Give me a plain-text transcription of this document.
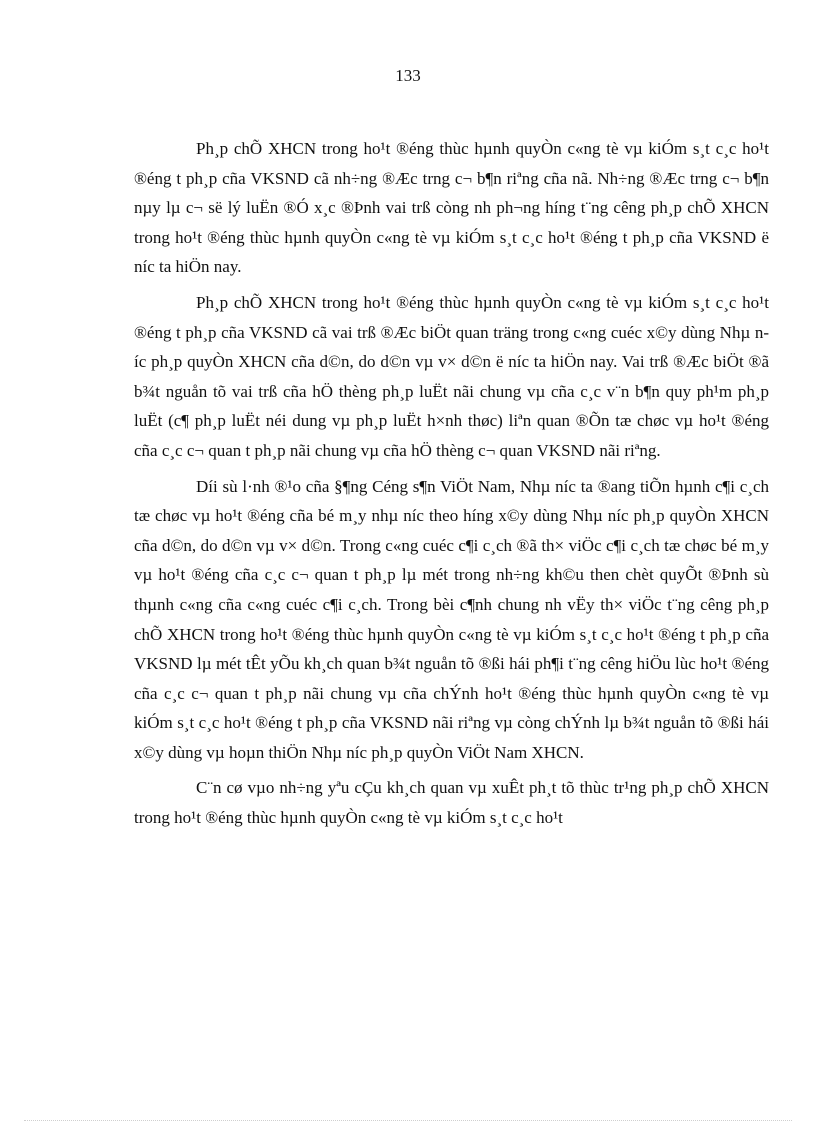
133

Ph¸p chÕ XHCN trong ho¹t ®éng thùc hµnh quyÒn c«ng tè vµ kiÓm s¸t c¸c ho¹t ®éng t ph¸p cña VKSND cã nh÷ng ®Æc trng c¬ b¶n riªng cña nã. Nh÷ng ®Æc trng c¬ b¶n nµy lµ c¬ së lý luËn ®Ó x¸c ®Þnh vai trß còng nh ph¬ng híng t¨ng cêng ph¸p chÕ XHCN trong ho¹t ®éng thùc hµnh quyÒn c«ng tè vµ kiÓm s¸t c¸c ho¹t ®éng t ph¸p cña VKSND ë níc ta hiÖn nay.

Ph¸p chÕ XHCN trong ho¹t ®éng thùc hµnh quyÒn c«ng tè vµ kiÓm s¸t c¸c ho¹t ®éng t ph¸p cña VKSND cã vai trß ®Æc biÖt quan träng trong c«ng cuéc x©y dùng Nhµ níc ph¸p quyÒn XHCN cña d©n, do d©n vµ v× d©n ë níc ta hiÖn nay. Vai trß ®Æc biÖt ®ã b¾t nguån tõ vai trß cña hÖ thèng ph¸p luËt nãi chung vµ cña c¸c v¨n b¶n quy ph¹m ph¸p luËt (c¶ ph¸p luËt néi dung vµ ph¸p luËt h×nh thøc) liªn quan ®Õn tæ chøc vµ ho¹t ®éng cña c¸c c¬ quan t ph¸p nãi chung vµ cña hÖ thèng c¬ quan VKSND nãi riªng.

Díi sù l·nh ®¹o cña §¶ng Céng s¶n ViÖt Nam, Nhµ níc ta ®ang tiÕn hµnh c¶i c¸ch tæ chøc vµ ho¹t ®éng cña bé m¸y nhµ níc theo híng x©y dùng Nhµ níc ph¸p quyÒn XHCN cña d©n, do d©n vµ v× d©n. Trong c«ng cuéc c¶i c¸ch ®ã th× viÖc c¶i c¸ch tæ chøc bé m¸y vµ ho¹t ®éng cña c¸c c¬ quan t ph¸p lµ mét trong nh÷ng kh©u then chèt quyÕt ®Þnh sù thµnh c«ng cña c«ng cuéc c¶i c¸ch. Trong bèi c¶nh chung nh vËy th× viÖc t¨ng cêng ph¸p chÕ XHCN trong ho¹t ®éng thùc hµnh quyÒn c«ng tè vµ kiÓm s¸t c¸c ho¹t ®éng t ph¸p cña VKSND lµ mét tÊt yÕu kh¸ch quan b¾t nguån tõ ®ßi hái ph¶i t¨ng cêng hiÖu lùc ho¹t ®éng cña c¸c c¬ quan t ph¸p nãi chung vµ cña chÝnh ho¹t ®éng thùc hµnh quyÒn c«ng tè vµ kiÓm s¸t c¸c ho¹t ®éng t ph¸p cña VKSND nãi riªng vµ còng chÝnh lµ b¾t nguån tõ ®ßi hái x©y dùng vµ hoµn thiÖn Nhµ níc ph¸p quyÒn ViÖt Nam XHCN.

C¨n cø vµo nh÷ng yªu cÇu kh¸ch quan vµ xuÊt ph¸t tõ thùc tr¹ng ph¸p chÕ XHCN trong ho¹t ®éng thùc hµnh quyÒn c«ng tè vµ kiÓm s¸t c¸c ho¹t
